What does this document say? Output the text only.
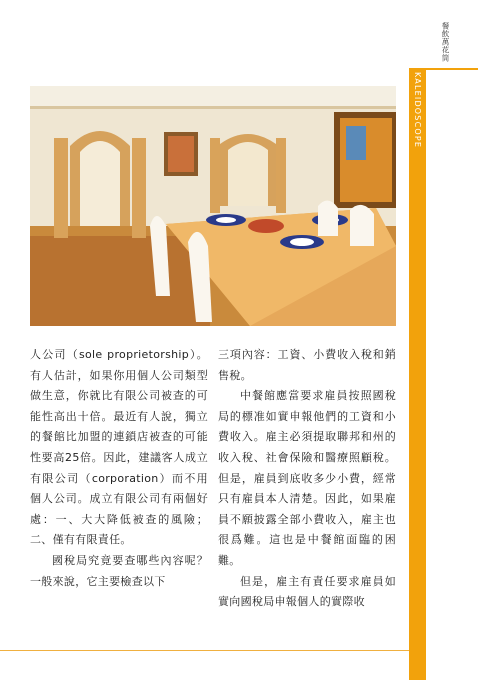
餐飲萬花筒
KALEIDOSCOPE

人公司（sole proprietorship）。有人估計，如果你用個人公司類型做生意，你就比有限公司被查的可能性高出十倍。最近有人說，獨立的餐館比加盟的連鎖店被查的可能性要高25倍。因此，建議客人成立有限公司（corporation）而不用個人公司。成立有限公司有兩個好處：一、大大降低被查的風險；二、僅有有限責任。

國稅局究竟要查哪些內容呢？一般來說，它主要檢查以下

三項內容：工資、小費收入稅和銷售稅。

中餐館應當要求雇員按照國稅局的標准如實申報他們的工資和小費收入。雇主必須提取聯邦和州的收入稅、社會保險和醫療照顧稅。但是，雇員到底收多少小費，經常只有雇員本人清楚。因此，如果雇員不願披露全部小費收入，雇主也很爲難。這也是中餐館面臨的困難。

但是，雇主有責任要求雇員如實向國稅局申報個人的實際收
